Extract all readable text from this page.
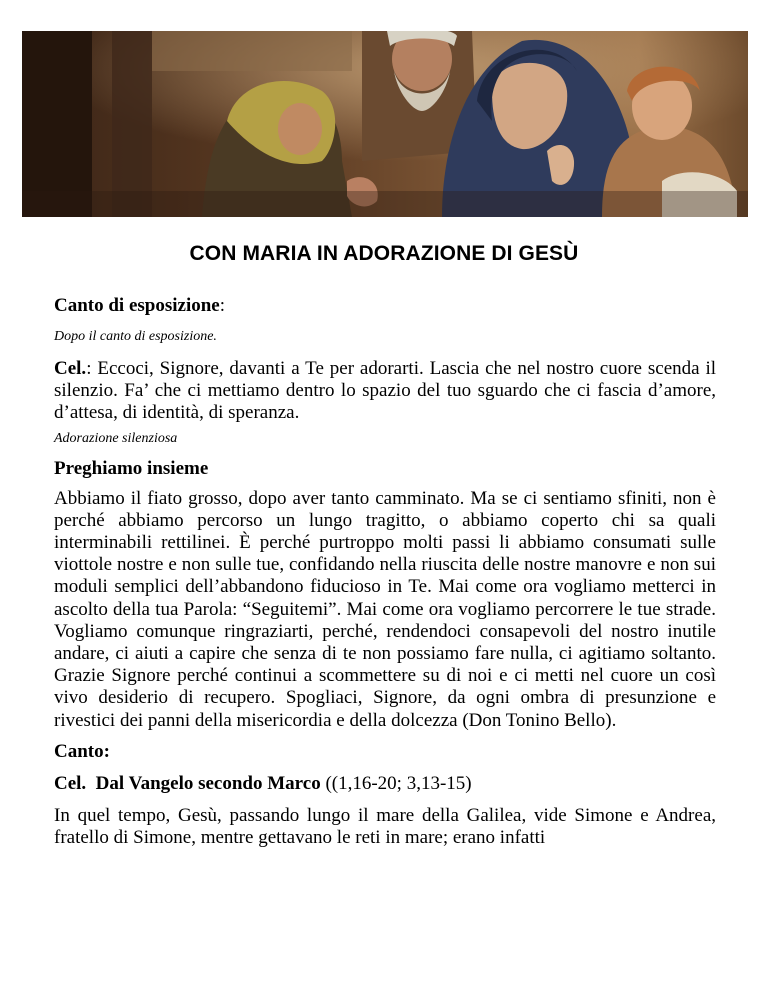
CON MARIA IN ADORAZIONE DI GESÙ

Canto di esposizione:

Dopo il canto di esposizione.

Cel.: Eccoci, Signore, davanti a Te per adorarti. Lascia che nel nostro cuore scenda il silenzio. Fa’ che ci mettiamo dentro lo spazio del tuo sguardo che ci fascia d’amore, d’attesa, di identità, di speranza.

Adorazione silenziosa

Preghiamo insieme

Abbiamo il fiato grosso, dopo aver tanto camminato. Ma se ci sentiamo sfiniti, non è perché abbiamo percorso un lungo tragitto, o abbiamo coperto chi sa quali interminabili rettilinei. È perché purtroppo molti passi li abbiamo consumati sulle viottole nostre e non sulle tue, confidando nella riuscita delle nostre manovre e non sui moduli semplici dell’abbandono fiducioso in Te. Mai come ora vogliamo metterci in ascolto della tua Parola: “Seguitemi”. Mai come ora vogliamo percorrere le tue strade. Vogliamo comunque ringraziarti, perché, rendendoci consapevoli del nostro inutile andare, ci aiuti a capire che senza di te non possiamo fare nulla, ci agitiamo soltanto. Grazie Signore perché continui a scommettere su di noi e ci metti nel cuore un così vivo desiderio di recupero. Spogliaci, Signore, da ogni ombra di presunzione e rivestici dei panni della misericordia e della dolcezza (Don Tonino Bello).

Canto:

Cel.  Dal Vangelo secondo Marco ((1,16-20; 3,13-15)

In quel tempo, Gesù, passando lungo il mare della Galilea, vide Simone e Andrea, fratello di Simone, mentre gettavano le reti in mare; erano infatti
